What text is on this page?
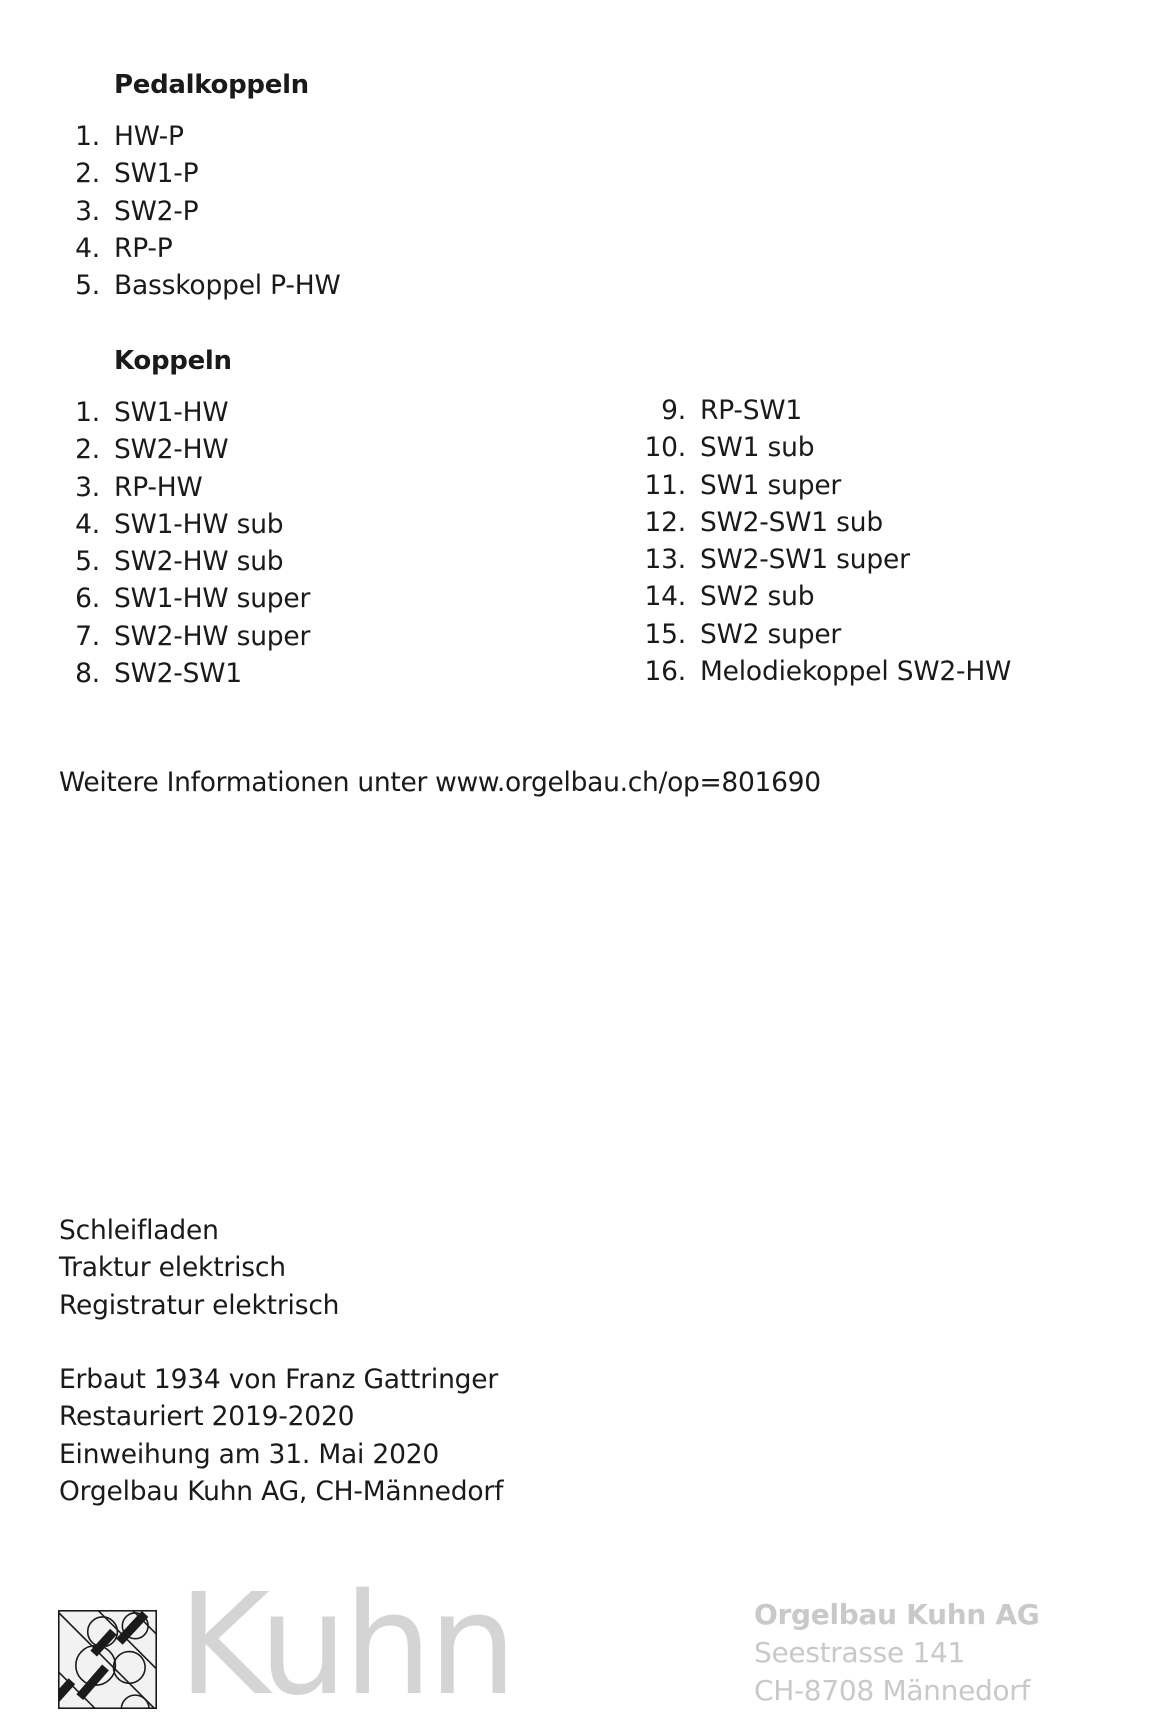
Pedalkoppeln
1. HW-P
2. SW1-P
3. SW2-P
4. RP-P
5. Basskoppel P-HW
Koppeln
1. SW1-HW
2. SW2-HW
3. RP-HW
4. SW1-HW sub
5. SW2-HW sub
6. SW1-HW super
7. SW2-HW super
8. SW2-SW1
9. RP-SW1
10. SW1 sub
11. SW1 super
12. SW2-SW1 sub
13. SW2-SW1 super
14. SW2 sub
15. SW2 super
16. Melodiekoppel SW2-HW
Weitere Informationen unter www.orgelbau.ch/op=801690
Schleifladen
Traktur elektrisch
Registratur elektrisch
Erbaut 1934 von Franz Gattringer
Restauriert 2019-2020
Einweihung am 31. Mai 2020
Orgelbau Kuhn AG, CH-Männedorf
Kuhn	Orgelbau Kuhn AG
Seestrasse 141
CH-8708 Männedorf
